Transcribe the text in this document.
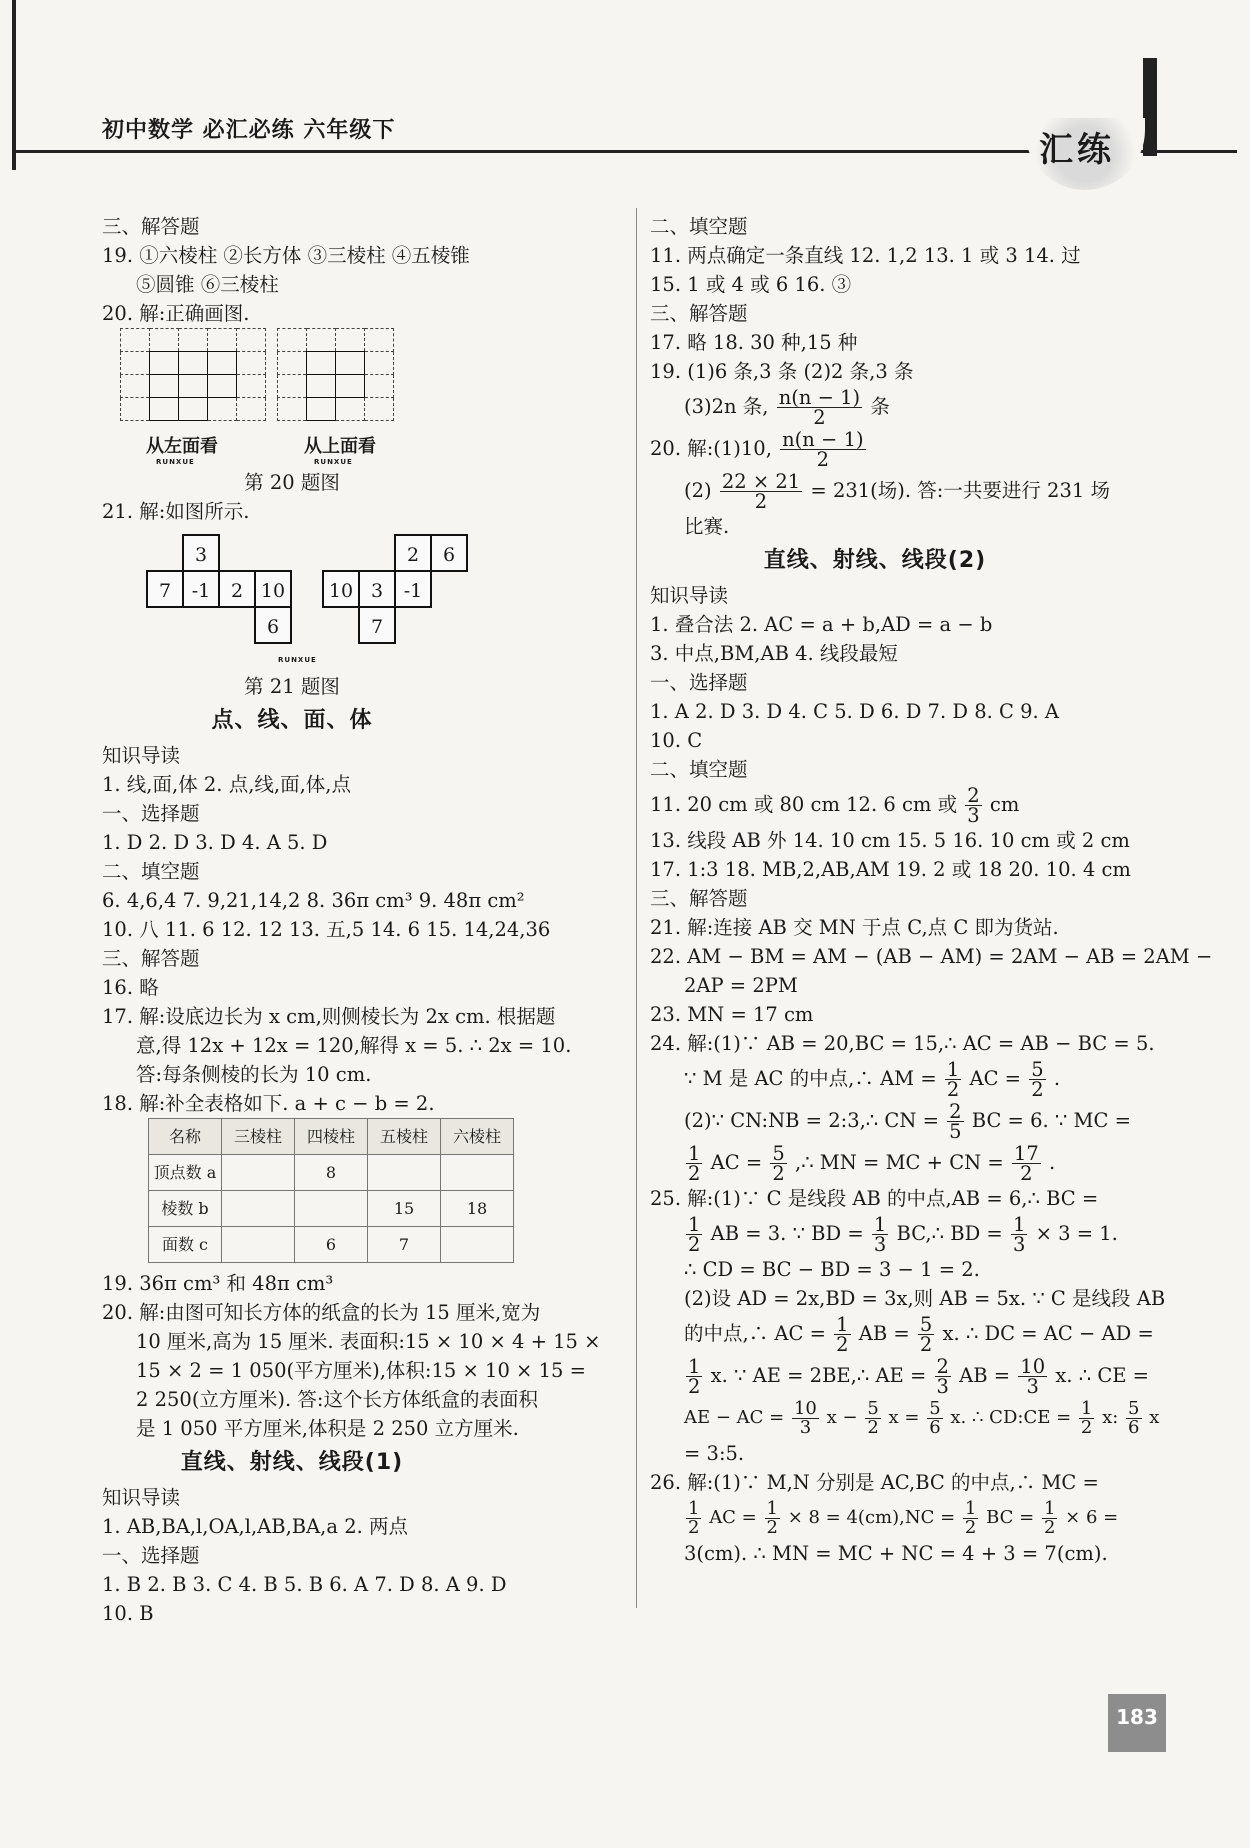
初中数学 必汇必练 六年级下	汇练
三、解答题
19. ①六棱柱 ②长方体 ③三棱柱 ④五棱锥
⑤圆锥 ⑥三棱柱
20. 解:正确画图.

从左面看	从上面看
RUNXUE	RUNXUE
第 20 题图
21. 解:如图所示.
3
7	-1	2 10
6
2	6
10 3	-1
7
RUNXUE
第 21 题图
点、线、面、体
知识导读
1. 线,面,体 2. 点,线,面,体,点
一、选择题
1. D 2. D 3. D 4. A 5. D
二、填空题
6. 4,6,4 7. 9,21,14,2 8. 36π cm³ 9. 48π cm²
10. 八 11. 6 12. 12 13. 五,5 14. 6 15. 14,24,36
三、解答题
16. 略
17. 解:设底边长为 x cm,则侧棱长为 2x cm. 根据题
意,得 12x + 12x = 120,解得 x = 5. ∴ 2x = 10.
答:每条侧棱的长为 10 cm.
18. 解:补全表格如下. a + c − b = 2.
名称	三棱柱	四棱柱	五棱柱	六棱柱
顶点数 a		8		
棱数 b			15	18
面数 c		6	7	
19. 36π cm³ 和 48π cm³
20. 解:由图可知长方体的纸盒的长为 15 厘米,宽为
10 厘米,高为 15 厘米. 表面积:15 × 10 × 4 + 15 ×
15 × 2 = 1 050(平方厘米),体积:15 × 10 × 15 =
2 250(立方厘米). 答:这个长方体纸盒的表面积
是 1 050 平方厘米,体积是 2 250 立方厘米.
直线、射线、线段(1)
知识导读
1. AB,BA,l,OA,l,AB,BA,a 2. 两点
一、选择题
1. B 2. B 3. C 4. B 5. B 6. A 7. D 8. A 9. D
10. B
二、填空题
11. 两点确定一条直线 12. 1,2 13. 1 或 3 14. 过
15. 1 或 4 或 6 16. ③
三、解答题
17. 略 18. 30 种,15 种
19. (1)6 条,3 条 (2)2 条,3 条
(3)2n 条, $\frac{n(n - 1)}{2}$ 条
20. 解:(1)10, $\frac{n(n - 1)}{2}$
$(2) \frac{22 \times 21}{2} = 231$(场). 答:一共要进行 231 场
比赛.
直线、射线、线段(2)
知识导读
1. 叠合法 2. AC = a + b,AD = a − b
3. 中点,BM,AB 4. 线段最短
一、选择题
1. A 2. D 3. D 4. C 5. D 6. D 7. D 8. C 9. A
10. C
二、填空题
11. 20 cm 或 80 cm 12. 6 cm 或 $\frac{2}{3}$ cm
13. 线段 AB 外 14. 10 cm 15. 5 16. 10 cm 或 2 cm
17. 1:3 18. MB,2,AB,AM 19. 2 或 18 20. 10. 4 cm
三、解答题
21. 解:连接 AB 交 MN 于点 C,点 C 即为货站.
22. AM − BM = AM − (AB − AM) = 2AM − AB = 2AM −
2AP = 2PM
23. MN = 17 cm
24. 解:(1)∵ AB = 20,BC = 15,∴ AC = AB − BC = 5.
∵ M 是 AC 的中点,∴ AM = $\frac{1}{2}$ AC = $\frac{5}{2}$ .
(2)∵ CN:NB = 2:3,∴ CN = $\frac{2}{5}$ BC = 6. ∵ MC =
$\frac{1}{2}$ AC = $\frac{5}{2}$ ,∴ MN = MC + CN = $\frac{17}{2}$ .
25. 解:(1)∵ C 是线段 AB 的中点,AB = 6,∴ BC =
$\frac{1}{2}$ AB = 3. ∵ BD = $\frac{1}{3}$ BC,∴ BD = $\frac{1}{3} \times 3 = 1$.
∴ CD = BC − BD = 3 − 1 = 2.
(2)设 AD = 2x,BD = 3x,则 AB = 5x. ∵ C 是线段 AB
的中点,∴ AC = $\frac{1}{2}$ AB = $\frac{5}{2} x$. ∴ DC = AC − AD =
$\frac{1}{2} x$. ∵ AE = 2BE,∴ AE = $\frac{2}{3}$ AB = $\frac{10}{3} x$. ∴ CE =
AE − AC = $\frac{10}{3}$ $x - \frac{5}{2}$ $x = \frac{5}{6} x$. ∴ CD:CE = $\frac{1}{2} x$: $\frac{5}{6}$ x
= 3:5.
26. 解:(1)∵ M,N 分别是 AC,BC 的中点,∴ MC =
$\frac{1}{2}$ AC = $\frac{1}{2} \times 8 = 4(cm),NC = \frac{1}{2}$ BC = $\frac{1}{2} \times 6$ =
3(cm). ∴ MN = MC + NC = 4 + 3 = 7(cm).
183
